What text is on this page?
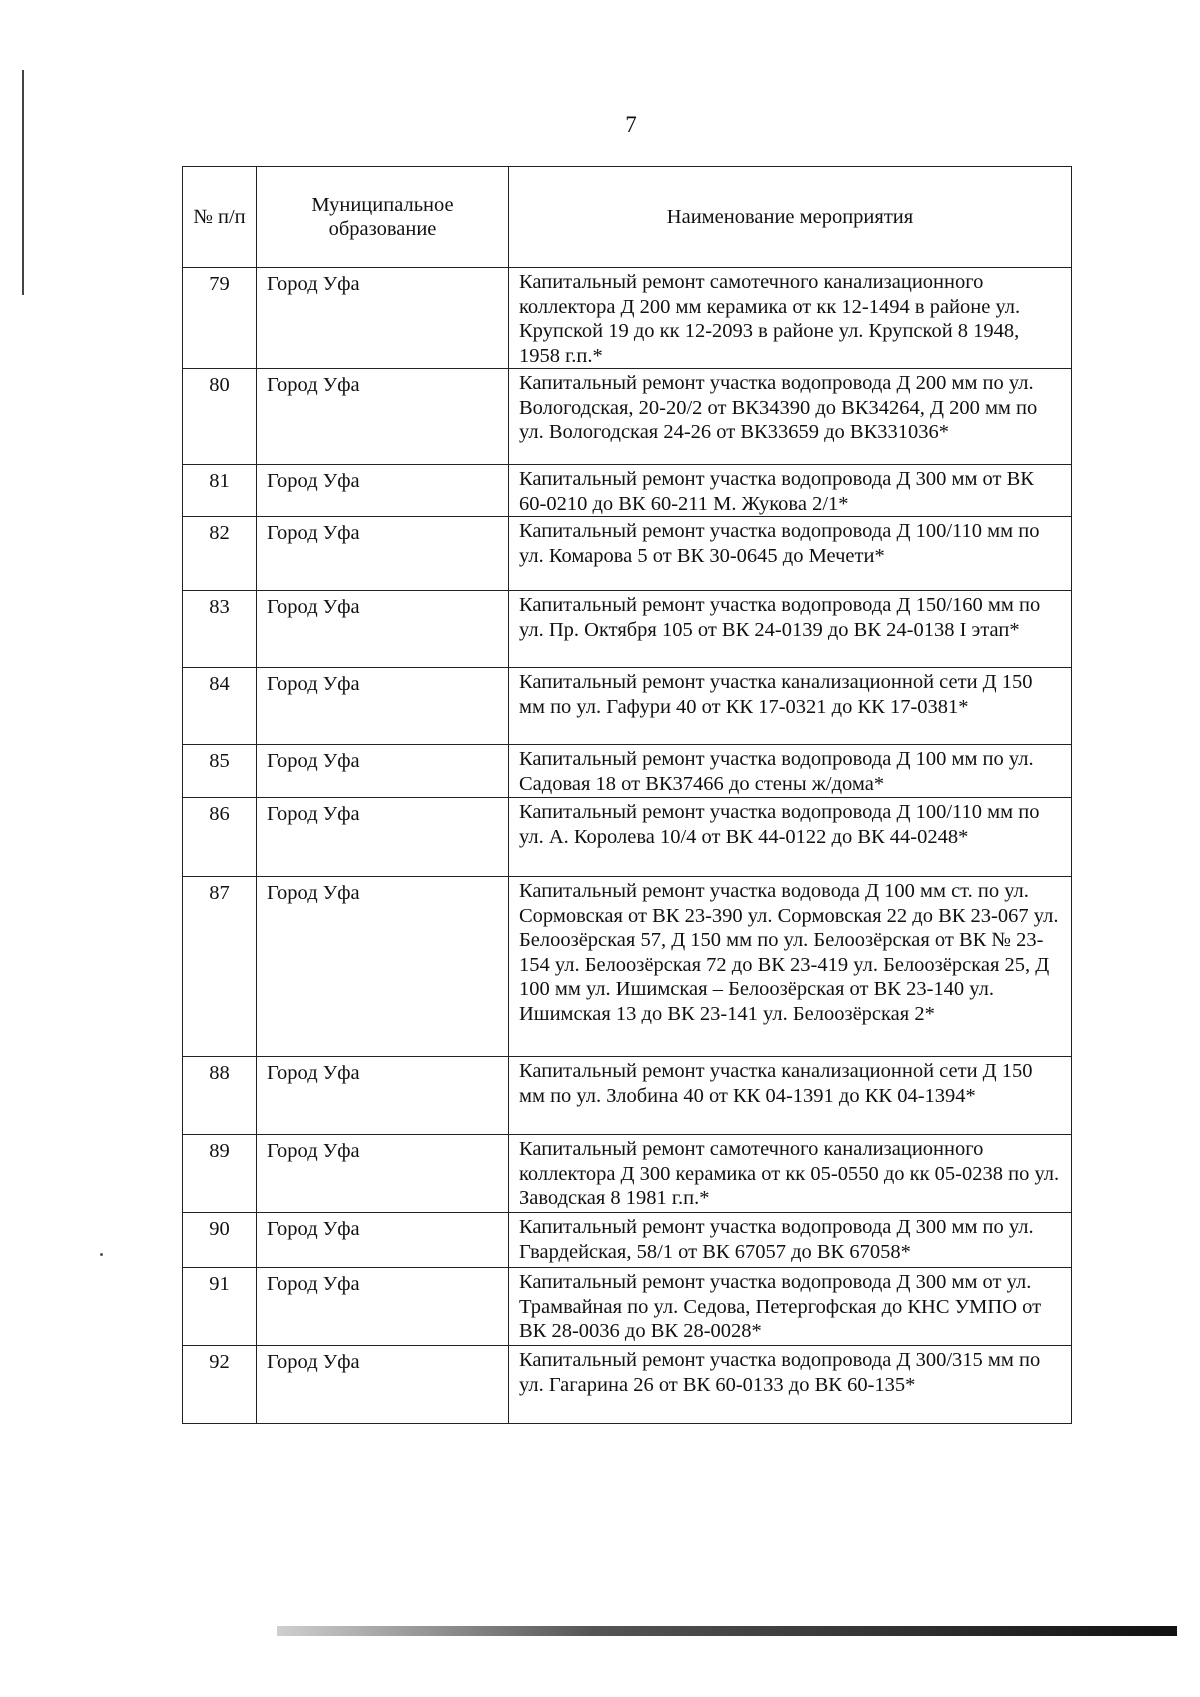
7
№ п/п	Муниципальное образование	Наименование мероприятия
79	Город Уфа	Капитальный ремонт самотечного канализационного коллектора Д 200 мм керамика от кк 12-1494 в районе ул. Крупской 19 до кк 12-2093 в районе ул. Крупской 8 1948, 1958 г.п.*
80	Город Уфа	Капитальный ремонт участка водопровода Д 200 мм по ул. Вологодская, 20-20/2 от ВК34390 до ВК34264, Д 200 мм по ул. Вологодская 24-26 от ВК33659 до ВК331036*
81	Город Уфа	Капитальный ремонт участка водопровода Д 300 мм от ВК 60-0210 до ВК 60-211 М. Жукова 2/1*
82	Город Уфа	Капитальный ремонт участка водопровода Д 100/110 мм по ул. Комарова 5 от ВК 30-0645 до Мечети*
83	Город Уфа	Капитальный ремонт участка водопровода Д 150/160 мм по ул. Пр. Октября 105 от ВК 24-0139 до ВК 24-0138 I этап*
84	Город Уфа	Капитальный ремонт участка канализационной сети Д 150 мм по ул. Гафури 40 от КК 17-0321 до КК 17-0381*
85	Город Уфа	Капитальный ремонт участка водопровода Д 100 мм по ул. Садовая 18 от ВК37466 до стены ж/дома*
86	Город Уфа	Капитальный ремонт участка водопровода Д 100/110 мм по ул. А. Королева 10/4 от ВК 44-0122 до ВК 44-0248*
87	Город Уфа	Капитальный ремонт участка водовода Д 100 мм ст. по ул. Сормовская от ВК 23-390 ул. Сормовская 22 до ВК 23-067 ул. Белоозёрская 57, Д 150 мм по ул. Белоозёрская от ВК № 23-154 ул. Белоозёрская 72 до ВК 23-419 ул. Белоозёрская 25, Д 100 мм ул. Ишимская – Белоозёрская от ВК 23-140 ул. Ишимская 13 до ВК 23-141 ул. Белоозёрская 2*
88	Город Уфа	Капитальный ремонт участка канализационной сети Д 150 мм по ул. Злобина 40 от КК 04-1391 до КК 04-1394*
89	Город Уфа	Капитальный ремонт самотечного канализационного коллектора Д 300 керамика от кк 05-0550 до кк 05-0238 по ул. Заводская 8 1981 г.п.*
90	Город Уфа	Капитальный ремонт участка водопровода Д 300 мм по ул. Гвардейская, 58/1 от ВК 67057 до ВК 67058*
91	Город Уфа	Капитальный ремонт участка водопровода Д 300 мм от ул. Трамвайная по ул. Седова, Петергофская до КНС УМПО от ВК 28-0036 до ВК 28-0028*
92	Город Уфа	Капитальный ремонт участка водопровода Д 300/315 мм по ул. Гагарина 26 от ВК 60-0133 до ВК 60-135*
